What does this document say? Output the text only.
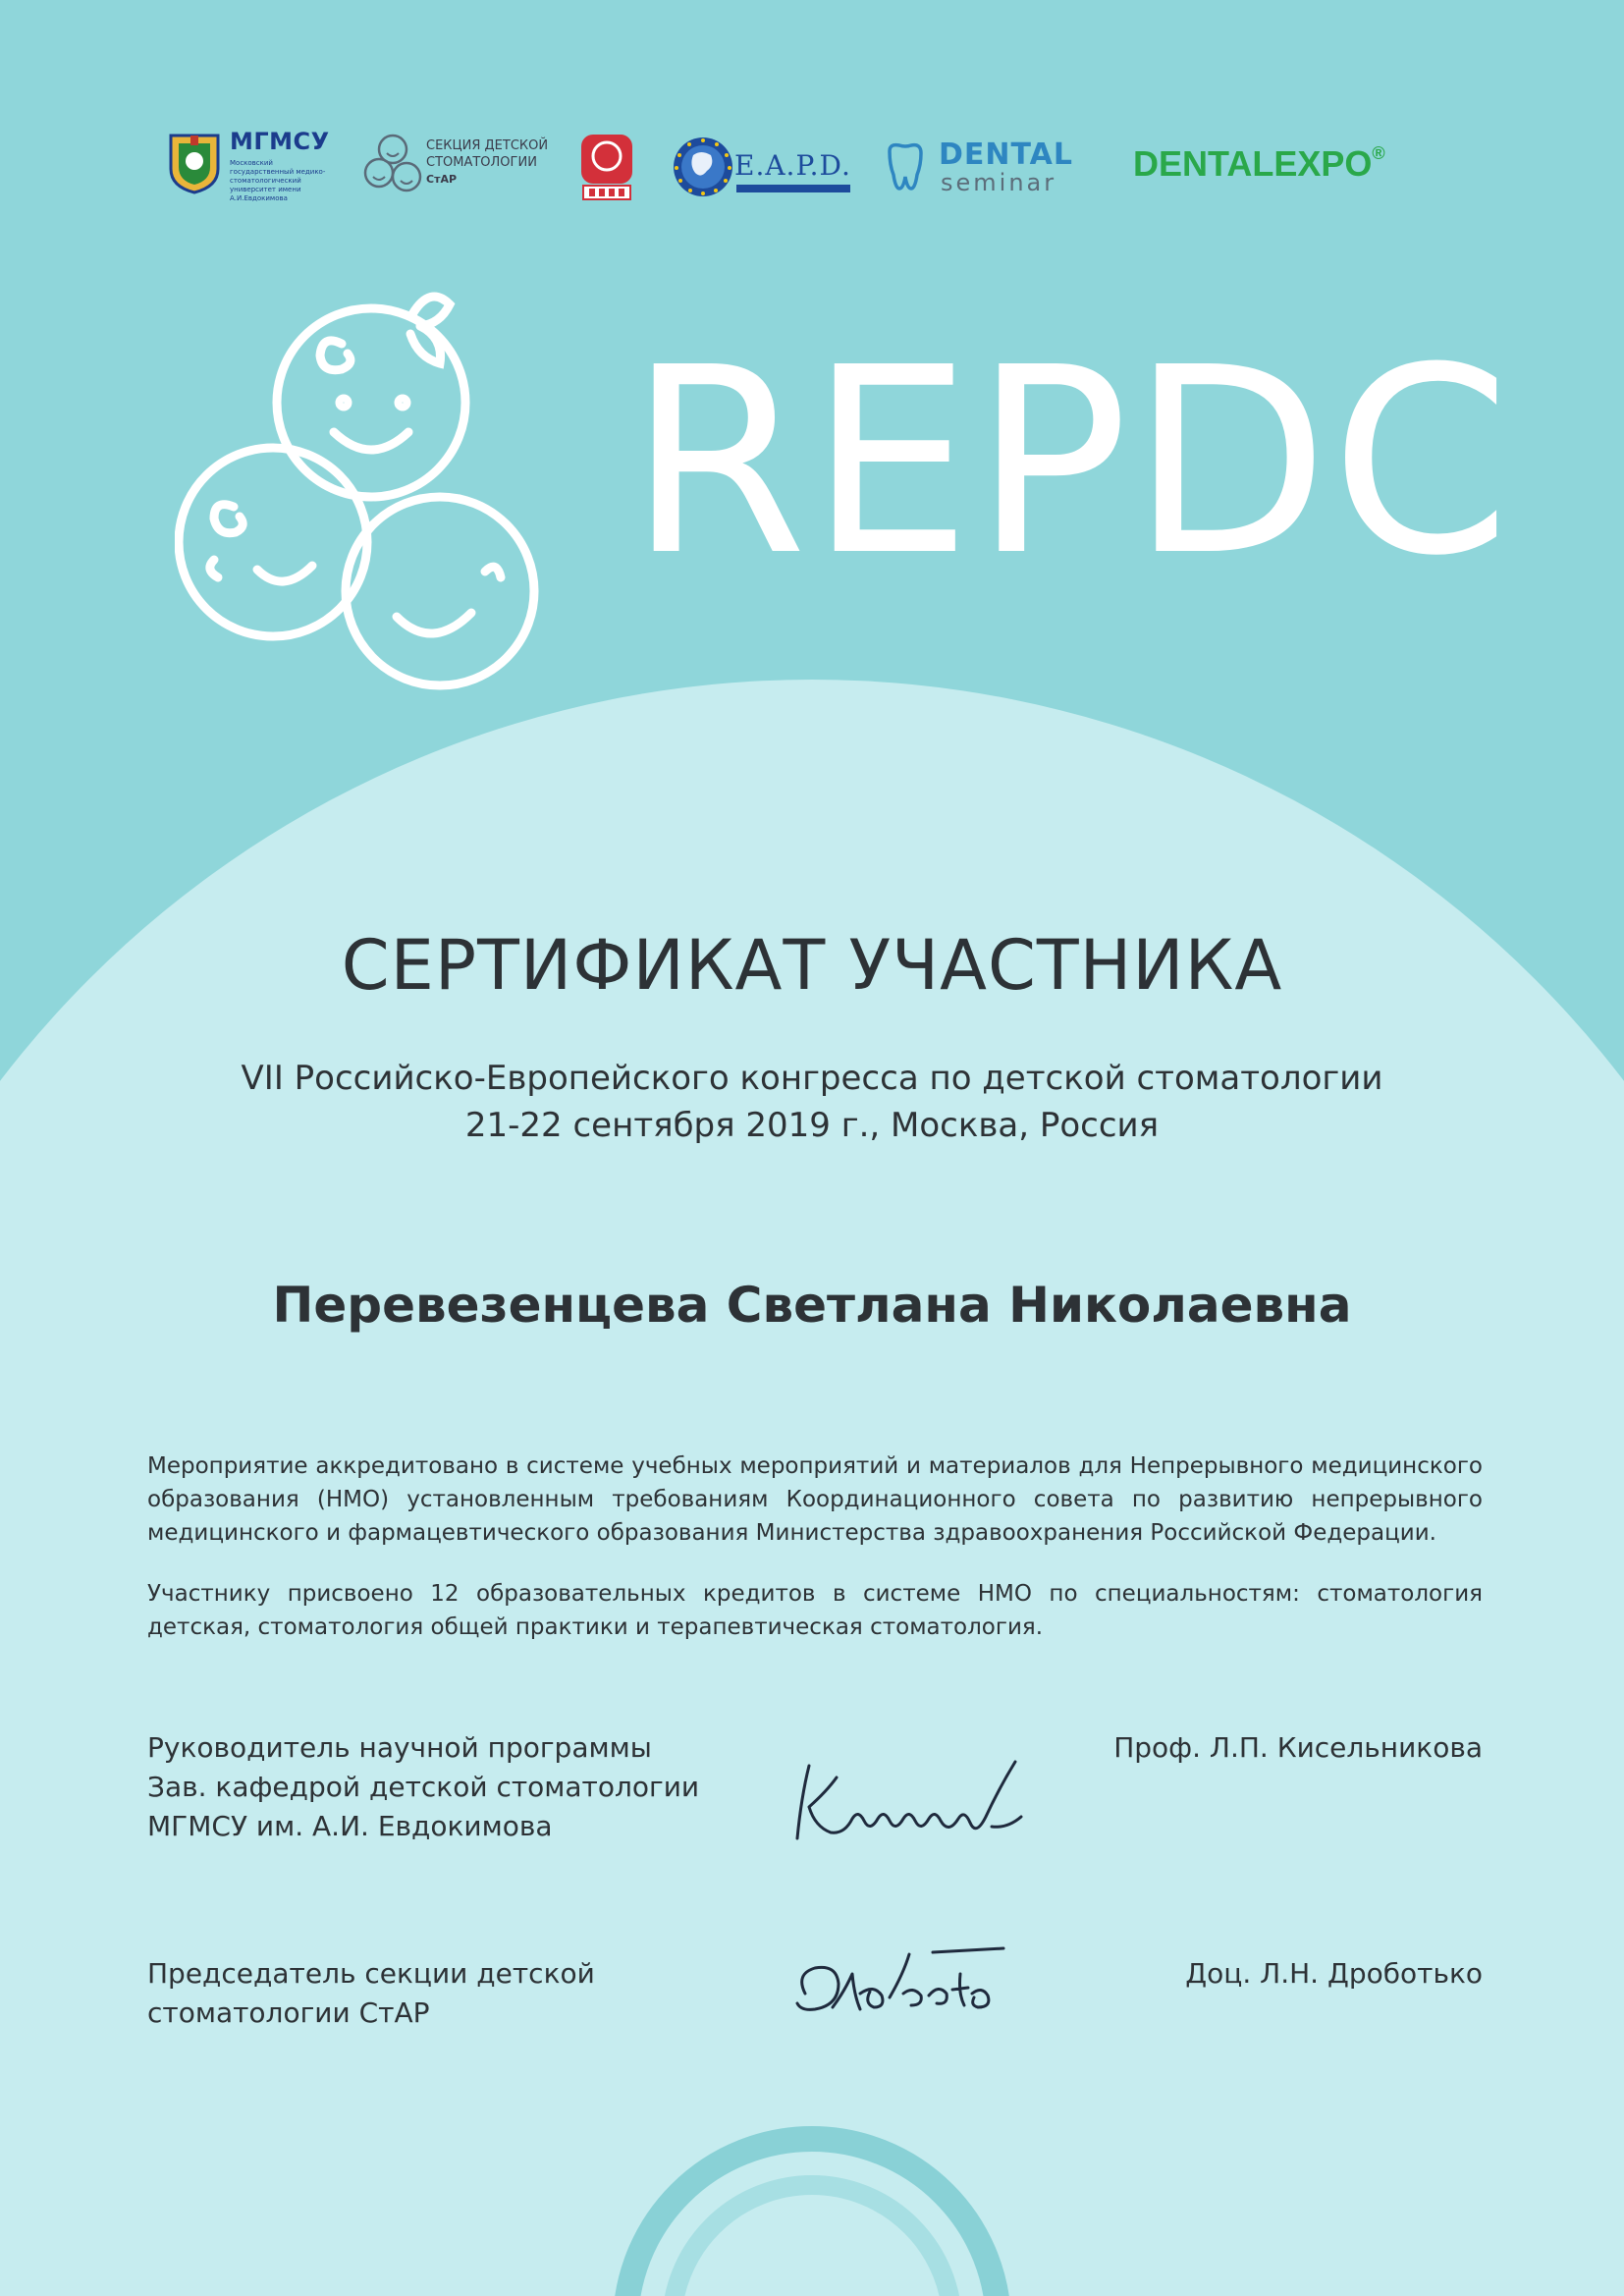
МГМСУ
Московский государственный медико-стоматологический университет имени А.И.Евдокимова
СЕКЦИЯ ДЕТСКОЙ
СТОМАТОЛОГИИ
СтАР	E.A.P.D.	DENTAL
seminar DENTALEXPO®
REPDC
СЕРТИФИКАТ УЧАСТНИКА
VII Российско-Европейского конгресса по детской стоматологии
21-22 сентября 2019 г., Москва, Россия
Перевезенцева Светлана Николаевна
Мероприятие аккредитовано в системе учебных мероприятий и материалов для Непрерывного медицинского образования (НМО) установленным требованиям Координационного совета по развитию непрерывного медицинского и фармацевтического образования Министерства здравоохранения Российской Федерации.
Участнику присвоено 12 образовательных кредитов в системе НМО по специальностям: стоматология детская, стоматология общей практики и терапевтическая стоматология.
Руководитель научной программы
Зав. кафедрой детской стоматологии
МГМСУ им. А.И. Евдокимова
Проф. Л.П. Кисельникова
Председатель секции детской
стоматологии СтАР
Доц. Л.Н. Дроботько
